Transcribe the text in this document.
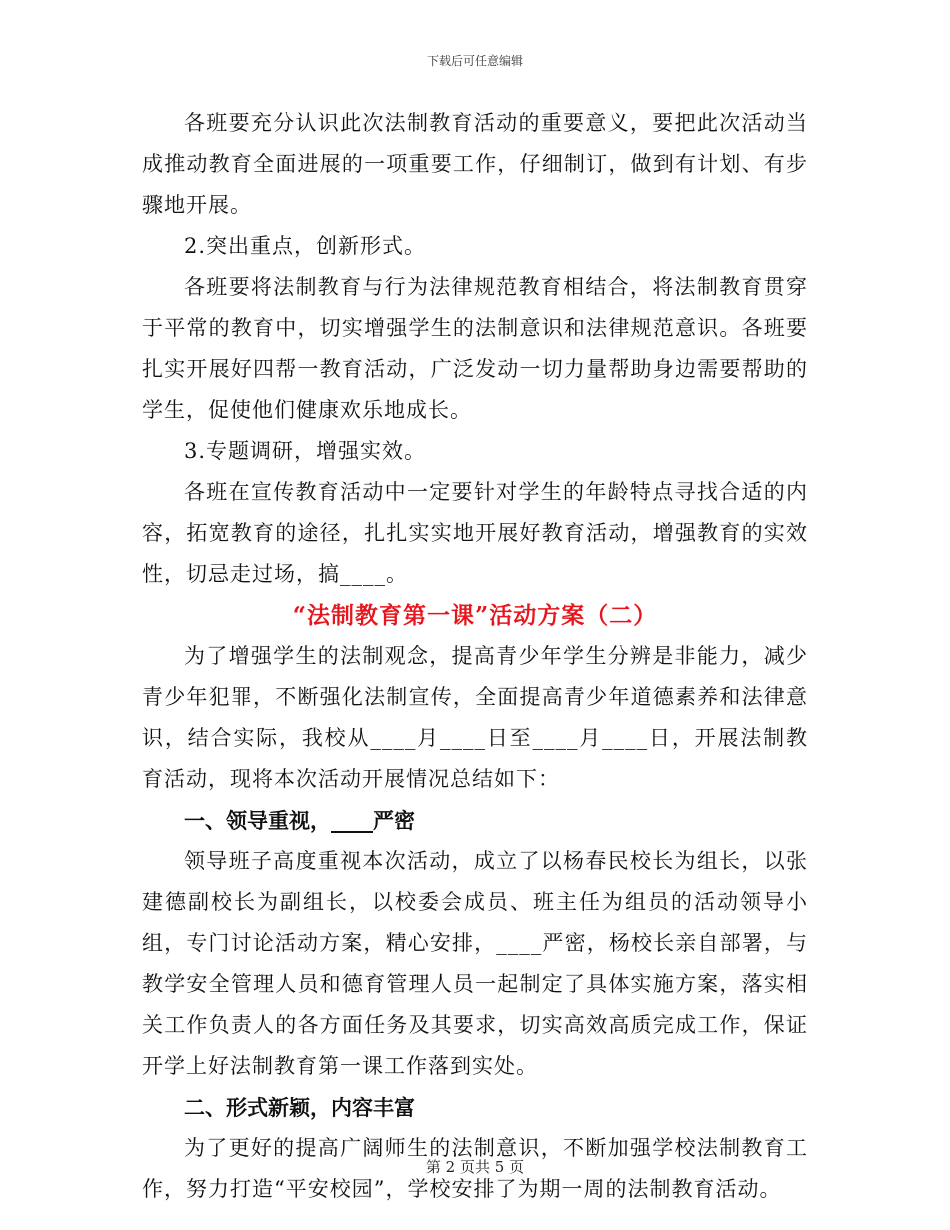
下载后可任意编辑

各班要充分认识此次法制教育活动的重要意义，要把此次活动当成推动教育全面进展的一项重要工作，仔细制订，做到有计划、有步骤地开展。

2.突出重点，创新形式。

各班要将法制教育与行为法律规范教育相结合，将法制教育贯穿于平常的教育中，切实增强学生的法制意识和法律规范意识。各班要扎实开展好四帮一教育活动，广泛发动一切力量帮助身边需要帮助的学生，促使他们健康欢乐地成长。

3.专题调研，增强实效。

各班在宣传教育活动中一定要针对学生的年龄特点寻找合适的内容，拓宽教育的途径，扎扎实实地开展好教育活动，增强教育的实效性，切忌走过场，搞____。

“法制教育第一课”活动方案（二）

为了增强学生的法制观念，提高青少年学生分辨是非能力，减少青少年犯罪，不断强化法制宣传，全面提高青少年道德素养和法律意识，结合实际，我校从____月____日至____月____日，开展法制教育活动，现将本次活动开展情况总结如下：

一、领导重视，____严密

领导班子高度重视本次活动，成立了以杨春民校长为组长，以张建德副校长为副组长，以校委会成员、班主任为组员的活动领导小组，专门讨论活动方案，精心安排，____严密，杨校长亲自部署，与教学安全管理人员和德育管理人员一起制定了具体实施方案，落实相关工作负责人的各方面任务及其要求，切实高效高质完成工作，保证开学上好法制教育第一课工作落到实处。

二、形式新颖，内容丰富

为了更好的提高广阔师生的法制意识，不断加强学校法制教育工作，努力打造“平安校园”，学校安排了为期一周的法制教育活动。

第 2 页共 5 页
